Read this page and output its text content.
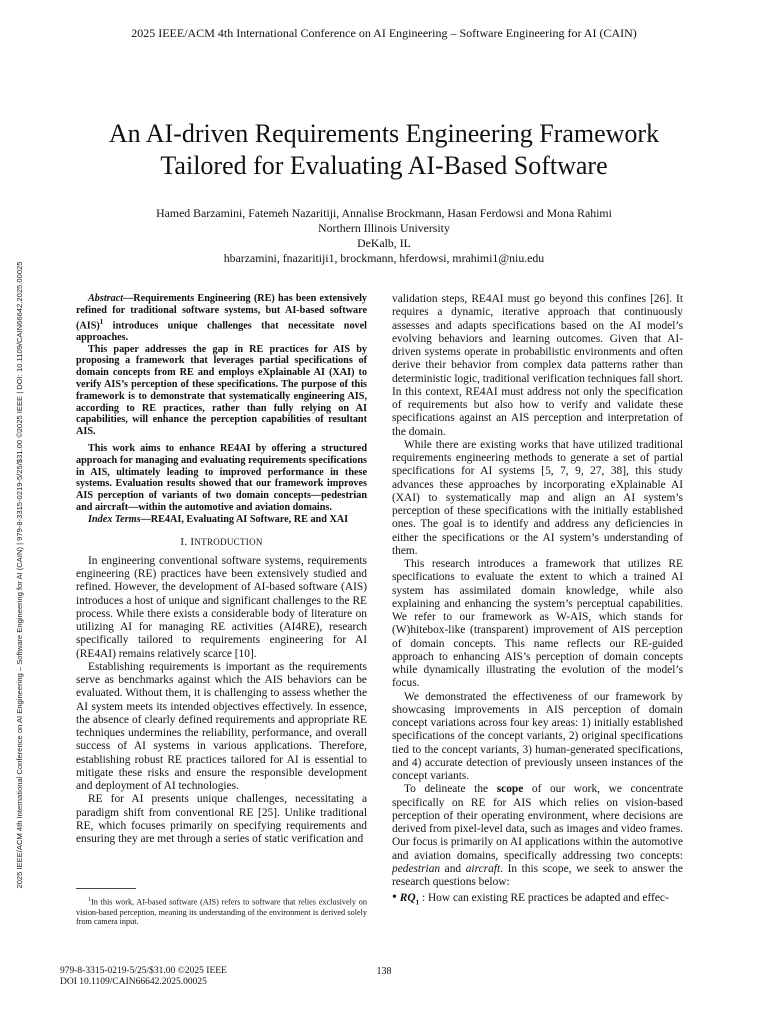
2025 IEEE/ACM 4th International Conference on AI Engineering – Software Engineering for AI (CAIN)
2025 IEEE/ACM 4th International Conference on AI Engineering – Software Engineering for AI (CAIN) | 979-8-3315-0219-5/25/$31.00 ©2025 IEEE | DOI: 10.1109/CAIN66642.2025.00025
An AI-driven Requirements Engineering Framework
Tailored for Evaluating AI-Based Software
Hamed Barzamini, Fatemeh Nazaritiji, Annalise Brockmann, Hasan Ferdowsi and Mona Rahimi
Northern Illinois University
DeKalb, IL
hbarzamini, fnazaritiji1, brockmann, hferdowsi, mrahimi1@niu.edu

Abstract—Requirements Engineering (RE) has been extensively refined for traditional software systems, but AI-based software (AIS)$^1$ introduces unique challenges that necessitate novel approaches.

This paper addresses the gap in RE practices for AIS by proposing a framework that leverages partial specifications of domain concepts from RE and employs eXplainable AI (XAI) to verify AIS’s perception of these specifications. The purpose of this framework is to demonstrate that systematically engineering AIS, according to RE practices, rather than fully relying on AI capabilities, will enhance the perception capabilities of resultant AIS.

This work aims to enhance RE4AI by offering a structured approach for managing and evaluating requirements specifications in AIS, ultimately leading to improved performance in these systems. Evaluation results showed that our framework improves AIS perception of variants of two domain concepts—pedestrian and aircraft—within the automotive and aviation domains.

Index Terms—RE4AI, Evaluating AI Software, RE and XAI

I. INTRODUCTION

In engineering conventional software systems, requirements engineering (RE) practices have been extensively studied and refined. However, the development of AI-based software (AIS) introduces a host of unique and significant challenges to the RE process. While there exists a considerable body of literature on utilizing AI for managing RE activities (AI4RE), research specifically tailored to requirements engineering for AI (RE4AI) remains relatively scarce [10].

Establishing requirements is important as the requirements serve as benchmarks against which the AIS behaviors can be evaluated. Without them, it is challenging to assess whether the AI system meets its intended objectives effectively. In essence, the absence of clearly defined requirements and appropriate RE techniques undermines the reliability, performance, and overall success of AI systems in various applications. Therefore, establishing robust RE practices tailored for AI is essential to mitigate these risks and ensure the responsible development and deployment of AI technologies.

RE for AI presents unique challenges, necessitating a paradigm shift from conventional RE [25]. Unlike traditional RE, which focuses primarily on specifying requirements and ensuring they are met through a series of static verification and

$^1$In this work, AI-based software (AIS) refers to software that relies exclusively on vision-based perception, meaning its understanding of the environment is derived solely from camera input.

validation steps, RE4AI must go beyond this confines [26]. It requires a dynamic, iterative approach that continuously assesses and adapts specifications based on the AI model’s evolving behaviors and learning outcomes. Given that AI-driven systems operate in probabilistic environments and often derive their behavior from complex data patterns rather than deterministic logic, traditional verification techniques fall short. In this context, RE4AI must address not only the specification of requirements but also how to verify and validate these specifications against an AIS perception and interpretation of the domain.

While there are existing works that have utilized traditional requirements engineering methods to generate a set of partial specifications for AI systems [5, 7, 9, 27, 38], this study advances these approaches by incorporating eXplainable AI (XAI) to systematically map and align an AI system’s perception of these specifications with the initially established ones. The goal is to identify and address any deficiencies in either the specifications or the AI system’s understanding of them.

This research introduces a framework that utilizes RE specifications to evaluate the extent to which a trained AI system has assimilated domain knowledge, while also explaining and enhancing the system’s perceptual capabilities. We refer to our framework as W-AIS, which stands for (W)hitebox-like (transparent) improvement of AIS perception of domain concepts. This name reflects our RE-guided approach to enhancing AIS’s perception of domain concepts while dynamically illustrating the evolution of the model’s focus.

We demonstrated the effectiveness of our framework by showcasing improvements in AIS perception of domain concept variations across four key areas: 1) initially established specifications of the concept variants, 2) original specifications tied to the concept variants, 3) human-generated specifications, and 4) accurate detection of previously unseen instances of the concept variants.

To delineate the scope of our work, we concentrate specifically on RE for AIS which relies on vision-based perception of their operating environment, where decisions are derived from pixel-level data, such as images and video frames. Our focus is primarily on AI applications within the automotive and aviation domains, specifically addressing two concepts: pedestrian and aircraft. In this scope, we seek to answer the research questions below:

• $RQ_1$ : How can existing RE practices be adapted and effec-

979-8-3315-0219-5/25/$31.00 ©2025 IEEE
DOI 10.1109/CAIN66642.2025.00025
138
